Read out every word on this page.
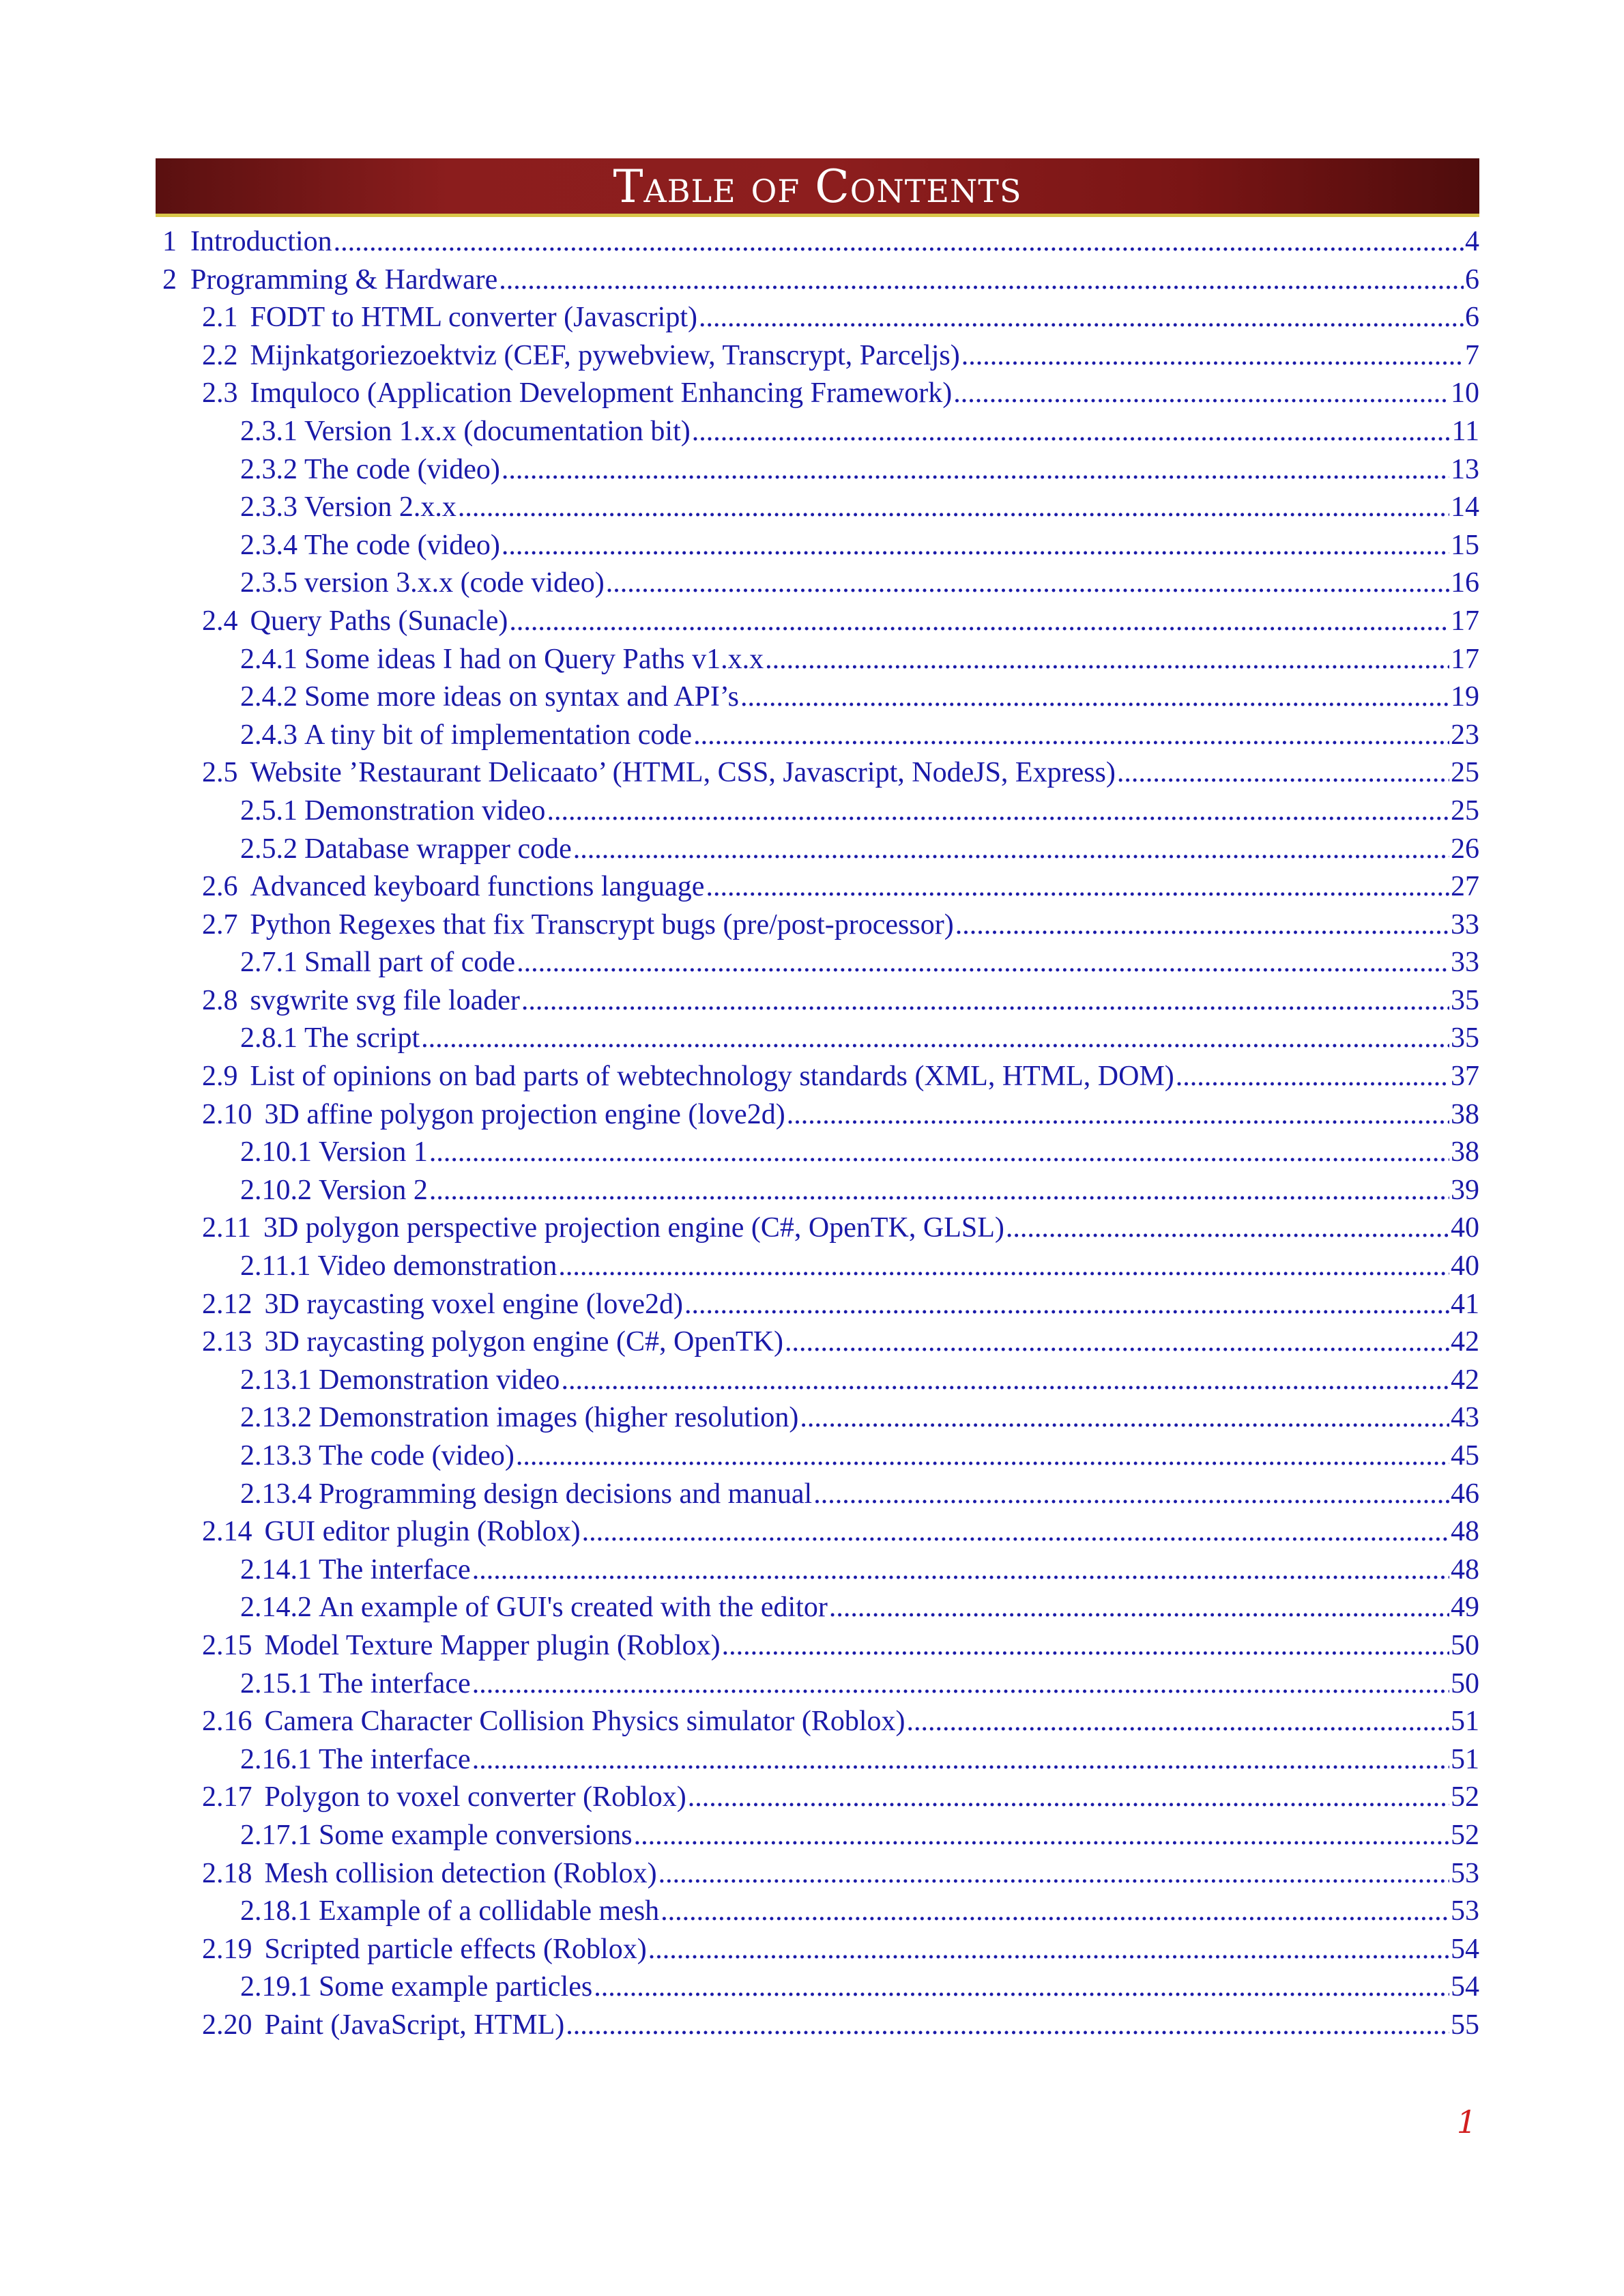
Table of Contents
1 Introduction .....	4
2 Programming & Hardware .....	6
2.1 FODT to HTML converter (Javascript) .....	6
2.2 Mijnkatgoriezoektviz (CEF, pywebview, Transcrypt, Parceljs) .....	7
2.3 Imquloco (Application Development Enhancing Framework) .....	10
2.3.1 Version 1.x.x (documentation bit) .....	11
2.3.2 The code (video) .....	13
2.3.3 Version 2.x.x .....	14
2.3.4 The code (video) .....	15
2.3.5 version 3.x.x (code video) .....	16
2.4 Query Paths (Sunacle) .....	17
2.4.1 Some ideas I had on Query Paths v1.x.x .....	17
2.4.2 Some more ideas on syntax and API’s .....	19
2.4.3 A tiny bit of implementation code .....	23
2.5 Website ’Restaurant Delicaato’ (HTML, CSS, Javascript, NodeJS, Express) .....	25
2.5.1 Demonstration video .....	25
2.5.2 Database wrapper code .....	26
2.6 Advanced keyboard functions language .....	27
2.7 Python Regexes that fix Transcrypt bugs (pre/post-processor) .....	33
2.7.1 Small part of code .....	33
2.8 svgwrite svg file loader .....	35
2.8.1 The script .....	35
2.9 List of opinions on bad parts of webtechnology standards (XML, HTML, DOM) .....	37
2.10 3D affine polygon projection engine (love2d) .....	38
2.10.1 Version 1 .....	38
2.10.2 Version 2 .....	39
2.11 3D polygon perspective projection engine (C#, OpenTK, GLSL) .....	40
2.11.1 Video demonstration .....	40
2.12 3D raycasting voxel engine (love2d) .....	41
2.13 3D raycasting polygon engine (C#, OpenTK) .....	42
2.13.1 Demonstration video .....	42
2.13.2 Demonstration images (higher resolution) .....	43
2.13.3 The code (video) .....	45
2.13.4 Programming design decisions and manual .....	46
2.14 GUI editor plugin (Roblox) .....	48
2.14.1 The interface .....	48
2.14.2 An example of GUI's created with the editor .....	49
2.15 Model Texture Mapper plugin (Roblox) .....	50
2.15.1 The interface .....	50
2.16 Camera Character Collision Physics simulator (Roblox) .....	51
2.16.1 The interface .....	51
2.17 Polygon to voxel converter (Roblox) .....	52
2.17.1 Some example conversions .....	52
2.18 Mesh collision detection (Roblox) .....	53
2.18.1 Example of a collidable mesh .....	53
2.19 Scripted particle effects (Roblox) .....	54
2.19.1 Some example particles .....	54
2.20 Paint (JavaScript, HTML) .....	55
1
